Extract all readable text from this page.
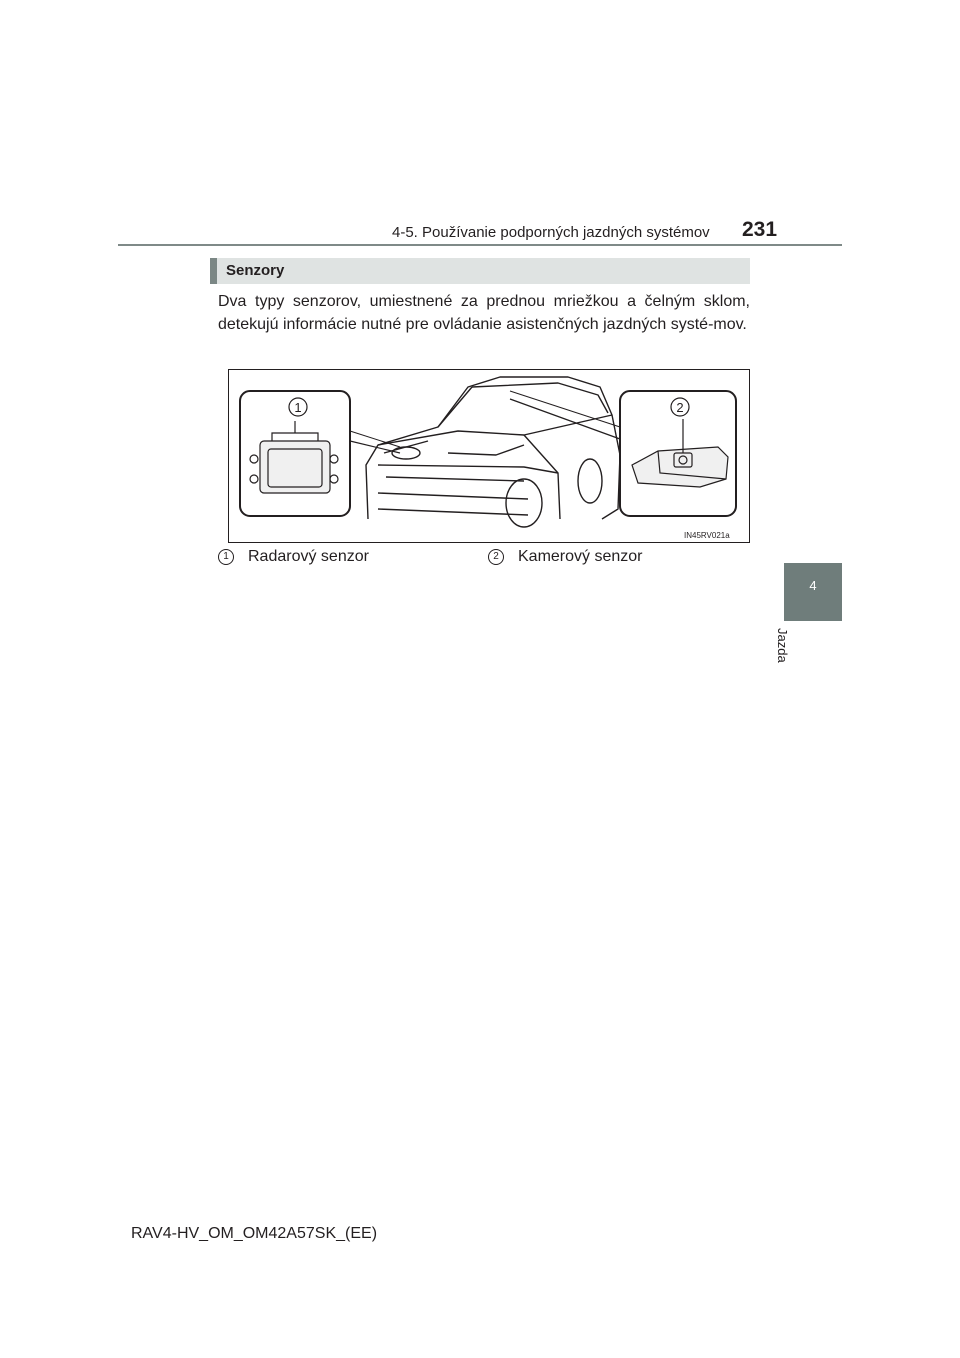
4-5. Používanie podporných jazdných systémov 231
4
Jazda
Senzory
Dva typy senzorov, umiestnené za prednou mriežkou a čelným sklom, detekujú informácie nutné pre ovládanie asistenčných jazdných systé-mov.
1	2
IN45RV021a
1 Radarový senzor	2 Kamerový senzor
RAV4-HV_OM_OM42A57SK_(EE)
